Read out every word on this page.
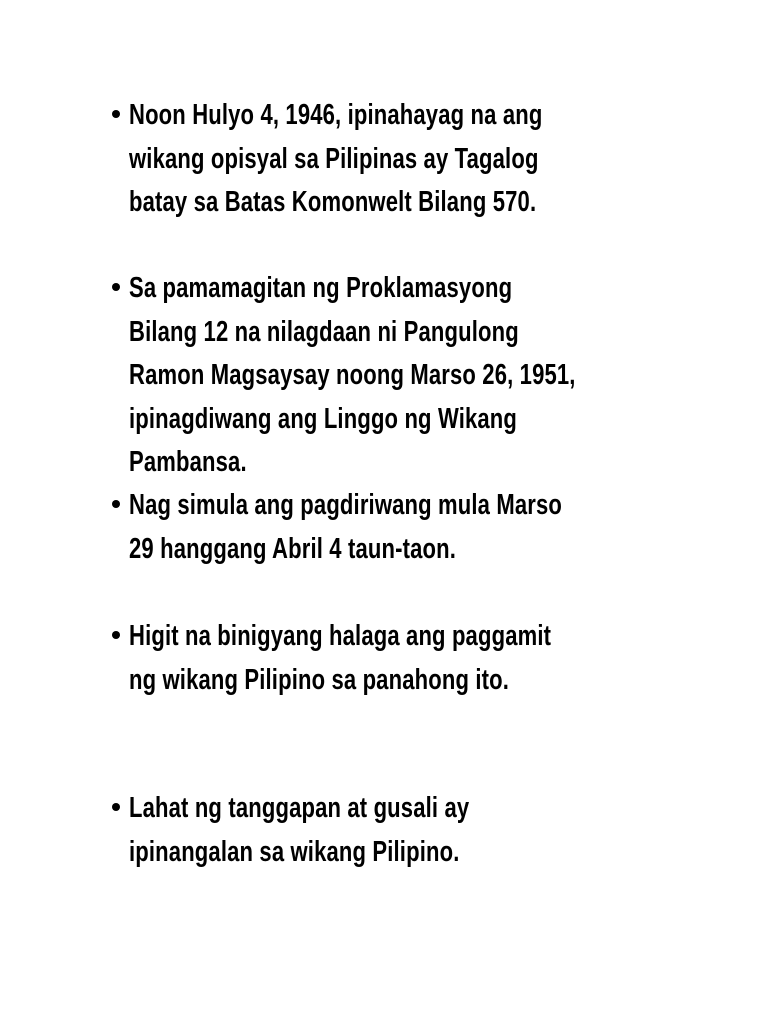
Noon Hulyo 4, 1946, ipinahayag na ang
wikang opisyal sa Pilipinas ay Tagalog
batay sa Batas Komonwelt Bilang 570.
Sa pamamagitan ng Proklamasyong
Bilang 12 na nilagdaan ni Pangulong
Ramon Magsaysay noong Marso 26, 1951,
ipinagdiwang ang Linggo ng Wikang
Pambansa.
Nag simula ang pagdiriwang mula Marso
29 hanggang Abril 4 taun-taon.
Higit na binigyang halaga ang paggamit
ng wikang Pilipino sa panahong ito.
Lahat ng tanggapan at gusali ay
ipinangalan sa wikang Pilipino.
